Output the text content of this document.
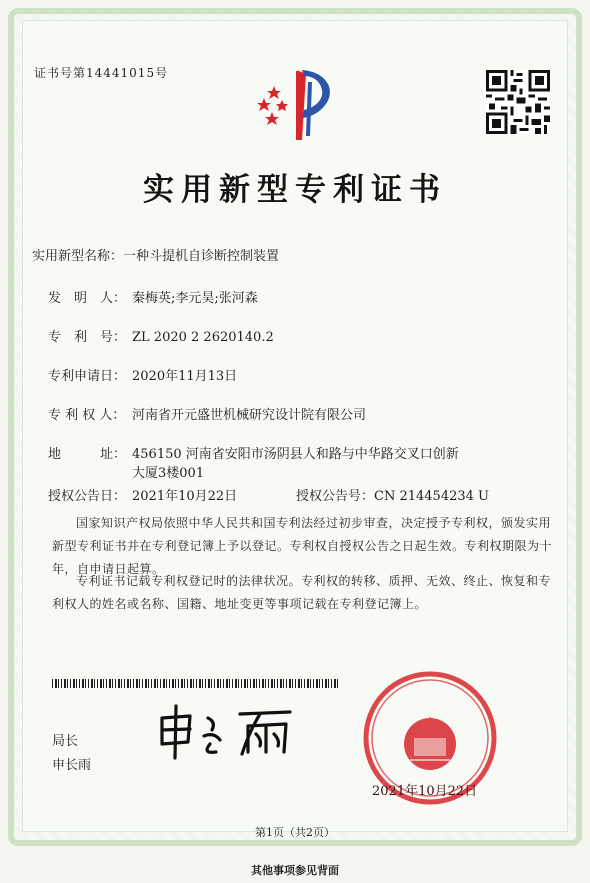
证书号第14441015号
实用新型专利证书
实用新型名称：一种斗提机自诊断控制装置
发　明　人： 秦梅英;李元昊;张河森
专　利　号： ZL 2020 2 2620140.2
专利申请日： 2020年11月13日
专 利 权 人： 河南省开元盛世机械研究设计院有限公司
地　　　址： 456150 河南省安阳市汤阴县人和路与中华路交叉口创新
大厦3楼001
授权公告日： 2021年10月22日	授权公告号：CN 214454234 U
国家知识产权局依照中华人民共和国专利法经过初步审查，决定授予专利权，颁发实用新型专利证书并在专利登记簿上予以登记。专利权自授权公告之日起生效。专利权期限为十年，自申请日起算。
专利证书记载专利权登记时的法律状况。专利权的转移、质押、无效、终止、恢复和专利权人的姓名或名称、国籍、地址变更等事项记载在专利登记簿上。
局长
申长雨
2021年10月22日
第1页（共2页）
其他事项参见背面
